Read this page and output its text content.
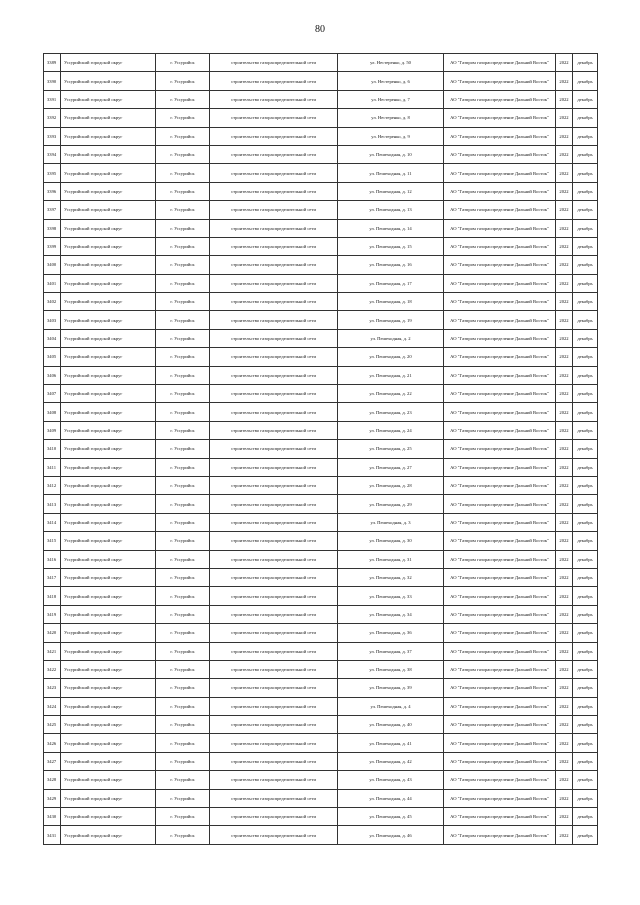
80
3389	Уссурийский городской округ	г. Уссурийск	строительство газораспределительной сети	ул. Нестеренко, д. 50	АО "Газпром газораспределение Дальний Восток"	2022	декабрь
3390	Уссурийский городской округ	г. Уссурийск	строительство газораспределительной сети	ул. Нестеренко, д. 6	АО "Газпром газораспределение Дальний Восток"	2022	декабрь
3391	Уссурийский городской округ	г. Уссурийск	строительство газораспределительной сети	ул. Нестеренко, д. 7	АО "Газпром газораспределение Дальний Восток"	2022	декабрь
3392	Уссурийский городской округ	г. Уссурийск	строительство газораспределительной сети	ул. Нестеренко, д. 8	АО "Газпром газораспределение Дальний Восток"	2022	декабрь
3393	Уссурийский городской округ	г. Уссурийск	строительство газораспределительной сети	ул. Нестеренко, д. 9	АО "Газпром газораспределение Дальний Восток"	2022	декабрь
3394	Уссурийский городской округ	г. Уссурийск	строительство газораспределительной сети	ул. Пешеходная, д. 10	АО "Газпром газораспределение Дальний Восток"	2022	декабрь
3395	Уссурийский городской округ	г. Уссурийск	строительство газораспределительной сети	ул. Пешеходная, д. 11	АО "Газпром газораспределение Дальний Восток"	2022	декабрь
3396	Уссурийский городской округ	г. Уссурийск	строительство газораспределительной сети	ул. Пешеходная, д. 12	АО "Газпром газораспределение Дальний Восток"	2022	декабрь
3397	Уссурийский городской округ	г. Уссурийск	строительство газораспределительной сети	ул. Пешеходная, д. 13	АО "Газпром газораспределение Дальний Восток"	2022	декабрь
3398	Уссурийский городской округ	г. Уссурийск	строительство газораспределительной сети	ул. Пешеходная, д. 14	АО "Газпром газораспределение Дальний Восток"	2022	декабрь
3399	Уссурийский городской округ	г. Уссурийск	строительство газораспределительной сети	ул. Пешеходная, д. 15	АО "Газпром газораспределение Дальний Восток"	2022	декабрь
3400	Уссурийский городской округ	г. Уссурийск	строительство газораспределительной сети	ул. Пешеходная, д. 16	АО "Газпром газораспределение Дальний Восток"	2022	декабрь
3401	Уссурийский городской округ	г. Уссурийск	строительство газораспределительной сети	ул. Пешеходная, д. 17	АО "Газпром газораспределение Дальний Восток"	2022	декабрь
3402	Уссурийский городской округ	г. Уссурийск	строительство газораспределительной сети	ул. Пешеходная, д. 18	АО "Газпром газораспределение Дальний Восток"	2022	декабрь
3403	Уссурийский городской округ	г. Уссурийск	строительство газораспределительной сети	ул. Пешеходная, д. 19	АО "Газпром газораспределение Дальний Восток"	2022	декабрь
3404	Уссурийский городской округ	г. Уссурийск	строительство газораспределительной сети	ул. Пешеходная, д. 2	АО "Газпром газораспределение Дальний Восток"	2022	декабрь
3405	Уссурийский городской округ	г. Уссурийск	строительство газораспределительной сети	ул. Пешеходная, д. 20	АО "Газпром газораспределение Дальний Восток"	2022	декабрь
3406	Уссурийский городской округ	г. Уссурийск	строительство газораспределительной сети	ул. Пешеходная, д. 21	АО "Газпром газораспределение Дальний Восток"	2022	декабрь
3407	Уссурийский городской округ	г. Уссурийск	строительство газораспределительной сети	ул. Пешеходная, д. 22	АО "Газпром газораспределение Дальний Восток"	2022	декабрь
3408	Уссурийский городской округ	г. Уссурийск	строительство газораспределительной сети	ул. Пешеходная, д. 23	АО "Газпром газораспределение Дальний Восток"	2022	декабрь
3409	Уссурийский городской округ	г. Уссурийск	строительство газораспределительной сети	ул. Пешеходная, д. 24	АО "Газпром газораспределение Дальний Восток"	2022	декабрь
3410	Уссурийский городской округ	г. Уссурийск	строительство газораспределительной сети	ул. Пешеходная, д. 25	АО "Газпром газораспределение Дальний Восток"	2022	декабрь
3411	Уссурийский городской округ	г. Уссурийск	строительство газораспределительной сети	ул. Пешеходная, д. 27	АО "Газпром газораспределение Дальний Восток"	2022	декабрь
3412	Уссурийский городской округ	г. Уссурийск	строительство газораспределительной сети	ул. Пешеходная, д. 28	АО "Газпром газораспределение Дальний Восток"	2022	декабрь
3413	Уссурийский городской округ	г. Уссурийск	строительство газораспределительной сети	ул. Пешеходная, д. 29	АО "Газпром газораспределение Дальний Восток"	2022	декабрь
3414	Уссурийский городской округ	г. Уссурийск	строительство газораспределительной сети	ул. Пешеходная, д. 3	АО "Газпром газораспределение Дальний Восток"	2022	декабрь
3415	Уссурийский городской округ	г. Уссурийск	строительство газораспределительной сети	ул. Пешеходная, д. 30	АО "Газпром газораспределение Дальний Восток"	2022	декабрь
3416	Уссурийский городской округ	г. Уссурийск	строительство газораспределительной сети	ул. Пешеходная, д. 31	АО "Газпром газораспределение Дальний Восток"	2022	декабрь
3417	Уссурийский городской округ	г. Уссурийск	строительство газораспределительной сети	ул. Пешеходная, д. 32	АО "Газпром газораспределение Дальний Восток"	2022	декабрь
3418	Уссурийский городской округ	г. Уссурийск	строительство газораспределительной сети	ул. Пешеходная, д. 33	АО "Газпром газораспределение Дальний Восток"	2022	декабрь
3419	Уссурийский городской округ	г. Уссурийск	строительство газораспределительной сети	ул. Пешеходная, д. 34	АО "Газпром газораспределение Дальний Восток"	2022	декабрь
3420	Уссурийский городской округ	г. Уссурийск	строительство газораспределительной сети	ул. Пешеходная, д. 36	АО "Газпром газораспределение Дальний Восток"	2022	декабрь
3421	Уссурийский городской округ	г. Уссурийск	строительство газораспределительной сети	ул. Пешеходная, д. 37	АО "Газпром газораспределение Дальний Восток"	2022	декабрь
3422	Уссурийский городской округ	г. Уссурийск	строительство газораспределительной сети	ул. Пешеходная, д. 38	АО "Газпром газораспределение Дальний Восток"	2022	декабрь
3423	Уссурийский городской округ	г. Уссурийск	строительство газораспределительной сети	ул. Пешеходная, д. 39	АО "Газпром газораспределение Дальний Восток"	2022	декабрь
3424	Уссурийский городской округ	г. Уссурийск	строительство газораспределительной сети	ул. Пешеходная, д. 4	АО "Газпром газораспределение Дальний Восток"	2022	декабрь
3425	Уссурийский городской округ	г. Уссурийск	строительство газораспределительной сети	ул. Пешеходная, д. 40	АО "Газпром газораспределение Дальний Восток"	2022	декабрь
3426	Уссурийский городской округ	г. Уссурийск	строительство газораспределительной сети	ул. Пешеходная, д. 41	АО "Газпром газораспределение Дальний Восток"	2022	декабрь
3427	Уссурийский городской округ	г. Уссурийск	строительство газораспределительной сети	ул. Пешеходная, д. 42	АО "Газпром газораспределение Дальний Восток"	2022	декабрь
3428	Уссурийский городской округ	г. Уссурийск	строительство газораспределительной сети	ул. Пешеходная, д. 43	АО "Газпром газораспределение Дальний Восток"	2022	декабрь
3429	Уссурийский городской округ	г. Уссурийск	строительство газораспределительной сети	ул. Пешеходная, д. 44	АО "Газпром газораспределение Дальний Восток"	2022	декабрь
3430	Уссурийский городской округ	г. Уссурийск	строительство газораспределительной сети	ул. Пешеходная, д. 45	АО "Газпром газораспределение Дальний Восток"	2022	декабрь
3431	Уссурийский городской округ	г. Уссурийск	строительство газораспределительной сети	ул. Пешеходная, д. 46	АО "Газпром газораспределение Дальний Восток"	2022	декабрь
